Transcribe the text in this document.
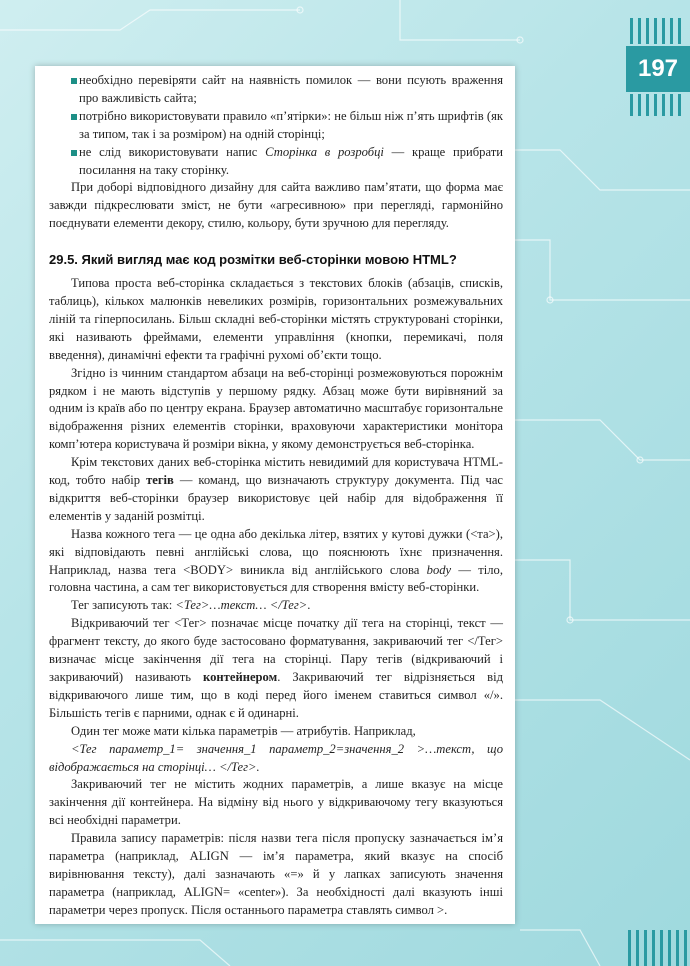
197
необхідно перевіряти сайт на наявність помилок — вони псують враження про важливість сайта;
потрібно використовувати правило «п’ятірки»: не більш ніж п’ять шрифтів (як за типом, так і за розміром) на одній сторінці;
не слід використовувати напис Сторінка в розробці — краще прибрати посилання на таку сторінку.

При доборі відповідного дизайну для сайта важливо пам’ятати, що форма має завжди підкреслювати зміст, не бути «агресивною» при перегляді, гармонійно поєднувати елементи декору, стилю, кольору, бути зручною для перегляду.

29.5. Який вигляд має код розмітки веб-сторінки мовою HTML?

Типова проста веб-сторінка складається з текстових блоків (абзаців, списків, таблиць), кількох малюнків невеликих розмірів, горизонтальних розмежувальних ліній та гіперпосилань. Більш складні веб-сторінки містять структуровані сторінки, які називають фреймами, елементи управління (кнопки, перемикачі, поля введення), динамічні ефекти та графічні рухомі об’єкти тощо.

Згідно із чинним стандартом абзаци на веб-сторінці розмежовуються порожнім рядком і не мають відступів у першому рядку. Абзац може бути вирівняний за одним із країв або по центру екрана. Браузер автоматично масштабує горизонтальне відображення різних елементів сторінки, враховуючи характеристики монітора комп’ютера користувача й розміри вікна, у якому демонструється веб-сторінка.

Крім текстових даних веб-сторінка містить невидимий для користувача HTML-код, тобто набір тегів — команд, що визначають структуру документа. Під час відкриття веб-сторінки браузер використовує цей набір для відображення її елементів у заданій розмітці.

Назва кожного тега — це одна або декілька літер, взятих у кутові дужки (<та>), які відповідають певні англійські слова, що пояснюють їхнє призначення. Наприклад, назва тега <BODY> виникла від англійського слова body — тіло, головна частина, а сам тег використовується для створення вмісту веб-сторінки.

Тег записують так: <Тег>…текст… </Тег>.

Відкриваючий тег <Тег> позначає місце початку дії тега на сторінці, текст — фрагмент тексту, до якого буде застосовано форматування, закриваючий тег </Тег> визначає місце закінчення дії тега на сторінці. Пару тегів (відкриваючий і закриваючий) називають контейнером. Закриваючий тег відрізняється від відкриваючого лише тим, що в коді перед його іменем ставиться символ «/». Більшість тегів є парними, однак є й одинарні.

Один тег може мати кілька параметрів — атрибутів. Наприклад,

<Тег параметр_1= значення_1 параметр_2=значення_2 >…текст, що відображається на сторінці… </Тег>.

Закриваючий тег не містить жодних параметрів, а лише вказує на місце закінчення дії контейнера. На відміну від нього у відкриваючому тегу вказуються всі необхідні параметри.

Правила запису параметрів: після назви тега після пропуску зазначається ім’я параметра (наприклад, ALIGN — ім’я параметра, який вказує на спосіб вирівнювання тексту), далі зазначають «=» й у лапках записують значення параметра (наприклад, ALIGN= «center»). За необхідності далі вказують інші параметри через пропуск. Після останнього параметра ставлять символ >.
